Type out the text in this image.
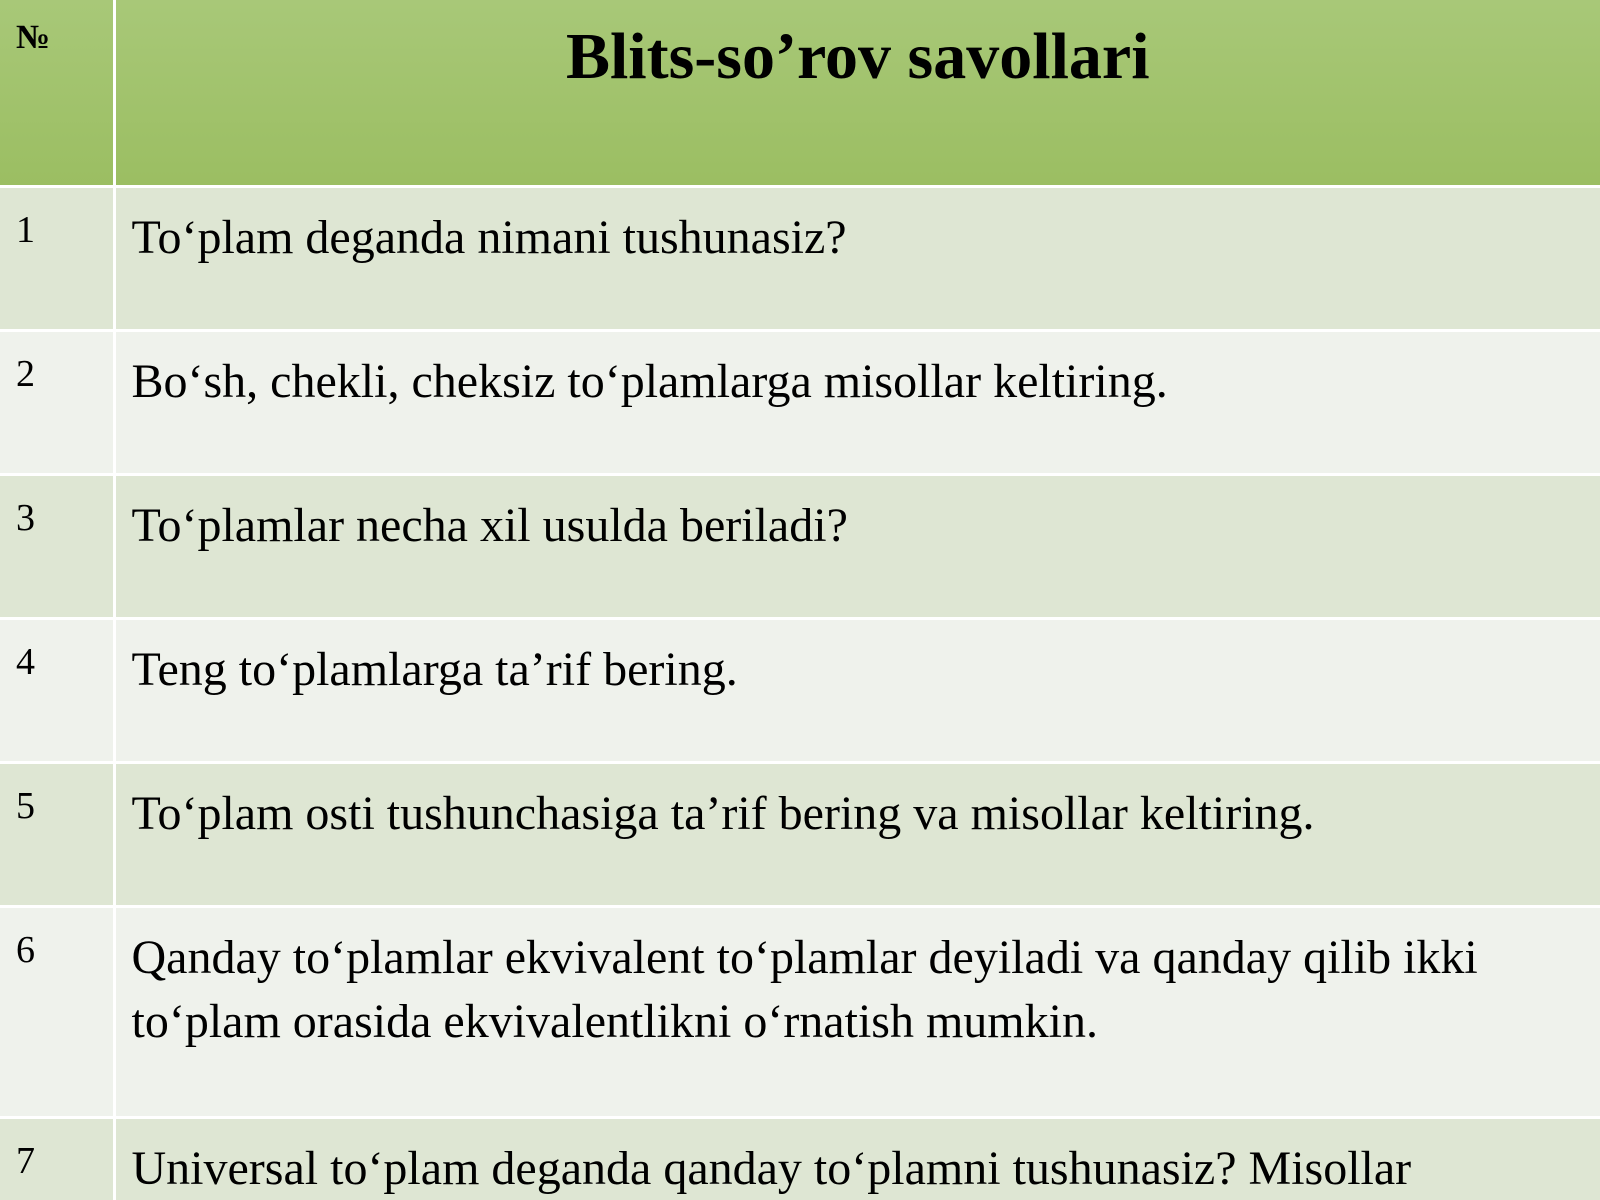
№	Blits-so’rov savollari
1	To‘plam deganda nimani tushunasiz?
2	Bo‘sh, chekli, cheksiz to‘plamlarga misollar keltiring.
3	To‘plamlar necha xil usulda beriladi?
4	Teng to‘plamlarga ta’rif bering.
5	To‘plam osti tushunchasiga ta’rif bering va misollar keltiring.
6	Qanday to‘plamlar ekvivalent to‘plamlar deyiladi va qanday qilib ikki to‘plam orasida ekvivalentlikni o‘rnatish mumkin.
7	Universal to‘plam deganda qanday to‘plamni tushunasiz? Misollar
